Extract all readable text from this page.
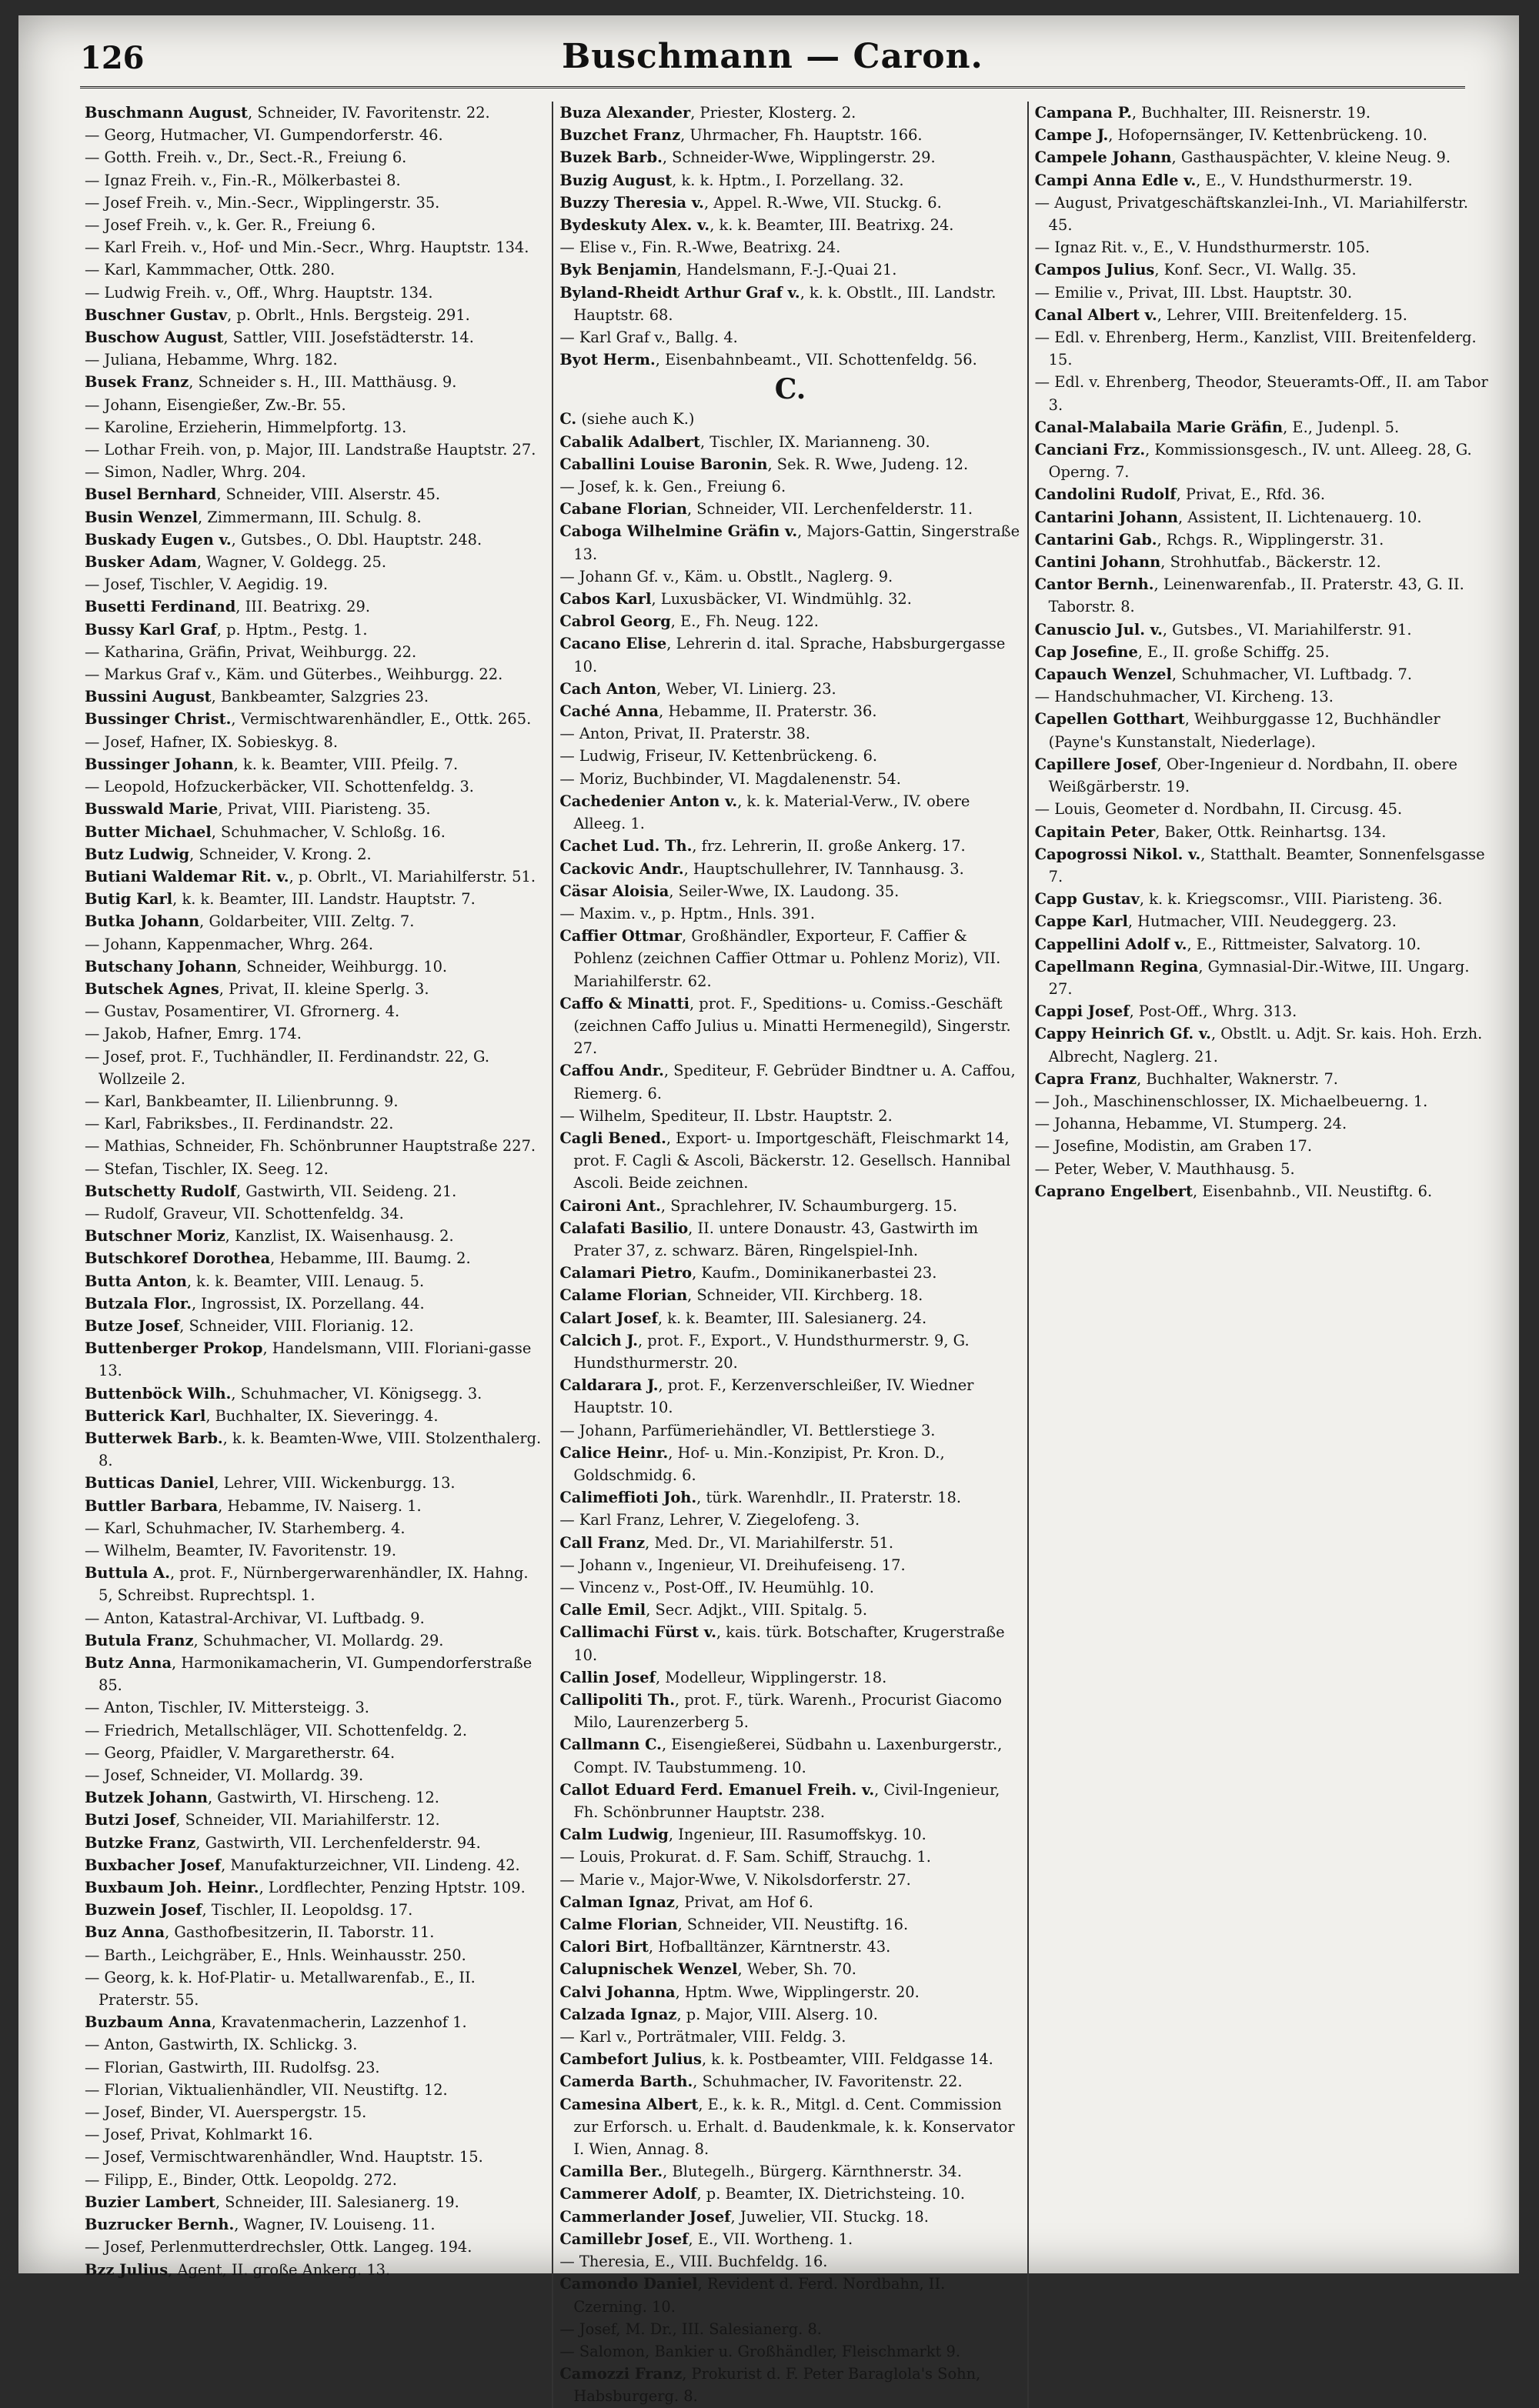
126	Buschmann — Caron.
Buschmann August, Schneider, IV. Favoritenstr. 22.
— Georg, Hutmacher, VI. Gumpendorferstr. 46.
— Gotth. Freih. v., Dr., Sect.-R., Freiung 6.
— Ignaz Freih. v., Fin.-R., Mölkerbastei 8.
— Josef Freih. v., Min.-Secr., Wipplingerstr. 35.
— Josef Freih. v., k. Ger. R., Freiung 6.
— Karl Freih. v., Hof- und Min.-Secr., Whrg. Hauptstr. 134.
— Karl, Kammmacher, Ottk. 280.
— Ludwig Freih. v., Off., Whrg. Hauptstr. 134.
Buschner Gustav, p. Obrlt., Hnls. Bergsteig. 291.
Buschow August, Sattler, VIII. Josefstädterstr. 14.
— Juliana, Hebamme, Whrg. 182.
Busek Franz, Schneider s. H., III. Matthäusg. 9.
— Johann, Eisengießer, Zw.-Br. 55.
— Karoline, Erzieherin, Himmelpfortg. 13.
— Lothar Freih. von, p. Major, III. Landstraße Hauptstr. 27.
— Simon, Nadler, Whrg. 204.
Busel Bernhard, Schneider, VIII. Alserstr. 45.
Busin Wenzel, Zimmermann, III. Schulg. 8.
Buskady Eugen v., Gutsbes., O. Dbl. Hauptstr. 248.
Busker Adam, Wagner, V. Goldegg. 25.
— Josef, Tischler, V. Aegidig. 19.
Busetti Ferdinand, III. Beatrixg. 29.
Bussy Karl Graf, p. Hptm., Pestg. 1.
— Katharina, Gräfin, Privat, Weihburgg. 22.
— Markus Graf v., Käm. und Güterbes., Weihburgg. 22.
Bussini August, Bankbeamter, Salzgries 23.
Bussinger Christ., Vermischtwarenhändler, E., Ottk. 265.
— Josef, Hafner, IX. Sobieskyg. 8.
Bussinger Johann, k. k. Beamter, VIII. Pfeilg. 7.
— Leopold, Hofzuckerbäcker, VII. Schottenfeldg. 3.
Busswald Marie, Privat, VIII. Piaristeng. 35.
Butter Michael, Schuhmacher, V. Schloßg. 16.
Butz Ludwig, Schneider, V. Krong. 2.
Butiani Waldemar Rit. v., p. Obrlt., VI. Mariahilferstr. 51.
Butig Karl, k. k. Beamter, III. Landstr. Hauptstr. 7.
Butka Johann, Goldarbeiter, VIII. Zeltg. 7.
— Johann, Kappenmacher, Whrg. 264.
Butschany Johann, Schneider, Weihburgg. 10.
Butschek Agnes, Privat, II. kleine Sperlg. 3.
— Gustav, Posamentirer, VI. Gfrornerg. 4.
— Jakob, Hafner, Emrg. 174.
— Josef, prot. F., Tuchhändler, II. Ferdinandstr. 22, G. Wollzeile 2.
— Karl, Bankbeamter, II. Lilienbrunng. 9.
— Karl, Fabriksbes., II. Ferdinandstr. 22.
— Mathias, Schneider, Fh. Schönbrunner Hauptstraße 227.
— Stefan, Tischler, IX. Seeg. 12.
Butschetty Rudolf, Gastwirth, VII. Seideng. 21.
— Rudolf, Graveur, VII. Schottenfeldg. 34.
Butschner Moriz, Kanzlist, IX. Waisenhausg. 2.
Butschkoref Dorothea, Hebamme, III. Baumg. 2.
Butta Anton, k. k. Beamter, VIII. Lenaug. 5.
Butzala Flor., Ingrossist, IX. Porzellang. 44.
Butze Josef, Schneider, VIII. Florianig. 12.
Buttenberger Prokop, Handelsmann, VIII. Floriani-gasse 13.
Buttenböck Wilh., Schuhmacher, VI. Königsegg. 3.
Butterick Karl, Buchhalter, IX. Sieveringg. 4.
Butterwek Barb., k. k. Beamten-Wwe, VIII. Stolzenthalerg. 8.
Butticas Daniel, Lehrer, VIII. Wickenburgg. 13.
Buttler Barbara, Hebamme, IV. Naiserg. 1.
— Karl, Schuhmacher, IV. Starhemberg. 4.
— Wilhelm, Beamter, IV. Favoritenstr. 19.
Buttula A., prot. F., Nürnbergerwarenhändler, IX. Hahng. 5, Schreibst. Ruprechtspl. 1.
— Anton, Katastral-Archivar, VI. Luftbadg. 9.
Butula Franz, Schuhmacher, VI. Mollardg. 29.
Butz Anna, Harmonikamacherin, VI. Gumpendorferstraße 85.
— Anton, Tischler, IV. Mittersteigg. 3.
— Friedrich, Metallschläger, VII. Schottenfeldg. 2.
— Georg, Pfaidler, V. Margaretherstr. 64.
— Josef, Schneider, VI. Mollardg. 39.
Butzek Johann, Gastwirth, VI. Hirscheng. 12.
Butzi Josef, Schneider, VII. Mariahilferstr. 12.
Butzke Franz, Gastwirth, VII. Lerchenfelderstr. 94.
Buxbacher Josef, Manufakturzeichner, VII. Lindeng. 42.
Buxbaum Joh. Heinr., Lordflechter, Penzing Hptstr. 109.
Buzwein Josef, Tischler, II. Leopoldsg. 17.
Buz Anna, Gasthofbesitzerin, II. Taborstr. 11.
— Barth., Leichgräber, E., Hnls. Weinhausstr. 250.
— Georg, k. k. Hof-Platir- u. Metallwarenfab., E., II. Praterstr. 55.
Buzbaum Anna, Kravatenmacherin, Lazzenhof 1.
— Anton, Gastwirth, IX. Schlickg. 3.
— Florian, Gastwirth, III. Rudolfsg. 23.
— Florian, Viktualienhändler, VII. Neustiftg. 12.
— Josef, Binder, VI. Auerspergstr. 15.
— Josef, Privat, Kohlmarkt 16.
— Josef, Vermischtwarenhändler, Wnd. Hauptstr. 15.
— Filipp, E., Binder, Ottk. Leopoldg. 272.
Buzier Lambert, Schneider, III. Salesianerg. 19.
Buzrucker Bernh., Wagner, IV. Louiseng. 11.
— Josef, Perlenmutterdrechsler, Ottk. Langeg. 194.
Bzz Julius, Agent, II. große Ankerg. 13.
Buza Alexander, Priester, Klosterg. 2.
Buzchet Franz, Uhrmacher, Fh. Hauptstr. 166.
Buzek Barb., Schneider-Wwe, Wipplingerstr. 29.
Buzig August, k. k. Hptm., I. Porzellang. 32.
Buzzy Theresia v., Appel. R.-Wwe, VII. Stuckg. 6.
Bydeskuty Alex. v., k. k. Beamter, III. Beatrixg. 24.
— Elise v., Fin. R.-Wwe, Beatrixg. 24.
Byk Benjamin, Handelsmann, F.-J.-Quai 21.
Byland-Rheidt Arthur Graf v., k. k. Obstlt., III. Landstr. Hauptstr. 68.
— Karl Graf v., Ballg. 4.
Byot Herm., Eisenbahnbeamt., VII. Schottenfeldg. 56.
C.
C. (siehe auch K.)
Cabalik Adalbert, Tischler, IX. Marianneng. 30.
Caballini Louise Baronin, Sek. R. Wwe, Judeng. 12.
— Josef, k. k. Gen., Freiung 6.
Cabane Florian, Schneider, VII. Lerchenfelderstr. 11.
Caboga Wilhelmine Gräfin v., Majors-Gattin, Singerstraße 13.
— Johann Gf. v., Käm. u. Obstlt., Naglerg. 9.
Cabos Karl, Luxusbäcker, VI. Windmühlg. 32.
Cabrol Georg, E., Fh. Neug. 122.
Cacano Elise, Lehrerin d. ital. Sprache, Habsburgergasse 10.
Cach Anton, Weber, VI. Linierg. 23.
Caché Anna, Hebamme, II. Praterstr. 36.
— Anton, Privat, II. Praterstr. 38.
— Ludwig, Friseur, IV. Kettenbrückeng. 6.
— Moriz, Buchbinder, VI. Magdalenenstr. 54.
Cachedenier Anton v., k. k. Material-Verw., IV. obere Alleeg. 1.
Cachet Lud. Th., frz. Lehrerin, II. große Ankerg. 17.
Cackovic Andr., Hauptschullehrer, IV. Tannhausg. 3.
Cäsar Aloisia, Seiler-Wwe, IX. Laudong. 35.
— Maxim. v., p. Hptm., Hnls. 391.
Caffier Ottmar, Großhändler, Exporteur, F. Caffier & Pohlenz (zeichnen Caffier Ottmar u. Pohlenz Moriz), VII. Mariahilferstr. 62.
Caffo & Minatti, prot. F., Speditions- u. Comiss.-Geschäft (zeichnen Caffo Julius u. Minatti Hermenegild), Singerstr. 27.
Caffou Andr., Spediteur, F. Gebrüder Bindtner u. A. Caffou, Riemerg. 6.
— Wilhelm, Spediteur, II. Lbstr. Hauptstr. 2.
Cagli Bened., Export- u. Importgeschäft, Fleischmarkt 14, prot. F. Cagli & Ascoli, Bäckerstr. 12. Gesellsch. Hannibal Ascoli. Beide zeichnen.
Caironi Ant., Sprachlehrer, IV. Schaumburgerg. 15.
Calafati Basilio, II. untere Donaustr. 43, Gastwirth im Prater 37, z. schwarz. Bären, Ringelspiel-Inh.
Calamari Pietro, Kaufm., Dominikanerbastei 23.
Calame Florian, Schneider, VII. Kirchberg. 18.
Calart Josef, k. k. Beamter, III. Salesianerg. 24.
Calcich J., prot. F., Export., V. Hundsthurmerstr. 9, G. Hundsthurmerstr. 20.
Caldarara J., prot. F., Kerzenverschleißer, IV. Wiedner Hauptstr. 10.
— Johann, Parfümeriehändler, VI. Bettlerstiege 3.
Calice Heinr., Hof- u. Min.-Konzipist, Pr. Kron. D., Goldschmidg. 6.
Calimeffioti Joh., türk. Warenhdlr., II. Praterstr. 18.
— Karl Franz, Lehrer, V. Ziegelofeng. 3.
Call Franz, Med. Dr., VI. Mariahilferstr. 51.
— Johann v., Ingenieur, VI. Dreihufeiseng. 17.
— Vincenz v., Post-Off., IV. Heumühlg. 10.
Calle Emil, Secr. Adjkt., VIII. Spitalg. 5.
Callimachi Fürst v., kais. türk. Botschafter, Krugerstraße 10.
Callin Josef, Modelleur, Wipplingerstr. 18.
Callipoliti Th., prot. F., türk. Warenh., Procurist Giacomo Milo, Laurenzerberg 5.
Callmann C., Eisengießerei, Südbahn u. Laxenburgerstr., Compt. IV. Taubstummeng. 10.
Callot Eduard Ferd. Emanuel Freih. v., Civil-Ingenieur, Fh. Schönbrunner Hauptstr. 238.
Calm Ludwig, Ingenieur, III. Rasumoffskyg. 10.
— Louis, Prokurat. d. F. Sam. Schiff, Strauchg. 1.
— Marie v., Major-Wwe, V. Nikolsdorferstr. 27.
Calman Ignaz, Privat, am Hof 6.
Calme Florian, Schneider, VII. Neustiftg. 16.
Calori Birt, Hofballtänzer, Kärntnerstr. 43.
Calupnischek Wenzel, Weber, Sh. 70.
Calvi Johanna, Hptm. Wwe, Wipplingerstr. 20.
Calzada Ignaz, p. Major, VIII. Alserg. 10.
— Karl v., Porträtmaler, VIII. Feldg. 3.
Cambefort Julius, k. k. Postbeamter, VIII. Feldgasse 14.
Camerda Barth., Schuhmacher, IV. Favoritenstr. 22.
Camesina Albert, E., k. k. R., Mitgl. d. Cent. Commission zur Erforsch. u. Erhalt. d. Baudenkmale, k. k. Konservator I. Wien, Annag. 8.
Camilla Ber., Blutegelh., Bürgerg. Kärnthnerstr. 34.
Cammerer Adolf, p. Beamter, IX. Dietrichsteing. 10.
Cammerlander Josef, Juwelier, VII. Stuckg. 18.
Camillebr Josef, E., VII. Wortheng. 1.
— Theresia, E., VIII. Buchfeldg. 16.
Camondo Daniel, Revident d. Ferd. Nordbahn, II. Czerning. 10.
— Josef, M. Dr., III. Salesianerg. 8.
— Salomon, Bankier u. Großhändler, Fleischmarkt 9.
Camozzi Franz, Prokurist d. F. Peter Baraglola's Sohn, Habsburgerg. 8.
Campana P., Buchhalter, III. Reisnerstr. 19.
Campe J., Hofopernsänger, IV. Kettenbrückeng. 10.
Campele Johann, Gasthauspächter, V. kleine Neug. 9.
Campi Anna Edle v., E., V. Hundsthurmerstr. 19.
— August, Privatgeschäftskanzlei-Inh., VI. Mariahilferstr. 45.
— Ignaz Rit. v., E., V. Hundsthurmerstr. 105.
Campos Julius, Konf. Secr., VI. Wallg. 35.
— Emilie v., Privat, III. Lbst. Hauptstr. 30.
Canal Albert v., Lehrer, VIII. Breitenfelderg. 15.
— Edl. v. Ehrenberg, Herm., Kanzlist, VIII. Breitenfelderg. 15.
— Edl. v. Ehrenberg, Theodor, Steueramts-Off., II. am Tabor 3.
Canal-Malabaila Marie Gräfin, E., Judenpl. 5.
Canciani Frz., Kommissionsgesch., IV. unt. Alleeg. 28, G. Operng. 7.
Candolini Rudolf, Privat, E., Rfd. 36.
Cantarini Johann, Assistent, II. Lichtenauerg. 10.
Cantarini Gab., Rchgs. R., Wipplingerstr. 31.
Cantini Johann, Strohhutfab., Bäckerstr. 12.
Cantor Bernh., Leinenwarenfab., II. Praterstr. 43, G. II. Taborstr. 8.
Canuscio Jul. v., Gutsbes., VI. Mariahilferstr. 91.
Cap Josefine, E., II. große Schiffg. 25.
Capauch Wenzel, Schuhmacher, VI. Luftbadg. 7.
— Handschuhmacher, VI. Kircheng. 13.
Capellen Gotthart, Weihburggasse 12, Buchhändler (Payne's Kunstanstalt, Niederlage).
Capillere Josef, Ober-Ingenieur d. Nordbahn, II. obere Weißgärberstr. 19.
— Louis, Geometer d. Nordbahn, II. Circusg. 45.
Capitain Peter, Baker, Ottk. Reinhartsg. 134.
Capogrossi Nikol. v., Statthalt. Beamter, Sonnenfelsgasse 7.
Capp Gustav, k. k. Kriegscomsr., VIII. Piaristeng. 36.
Cappe Karl, Hutmacher, VIII. Neudeggerg. 23.
Cappellini Adolf v., E., Rittmeister, Salvatorg. 10.
Capellmann Regina, Gymnasial-Dir.-Witwe, III. Ungarg. 27.
Cappi Josef, Post-Off., Whrg. 313.
Cappy Heinrich Gf. v., Obstlt. u. Adjt. Sr. kais. Hoh. Erzh. Albrecht, Naglerg. 21.
Capra Franz, Buchhalter, Waknerstr. 7.
— Joh., Maschinenschlosser, IX. Michaelbeuerng. 1.
— Johanna, Hebamme, VI. Stumperg. 24.
— Josefine, Modistin, am Graben 17.
— Peter, Weber, V. Mauthhausg. 5.
Caprano Engelbert, Eisenbahnb., VII. Neustiftg. 6.
